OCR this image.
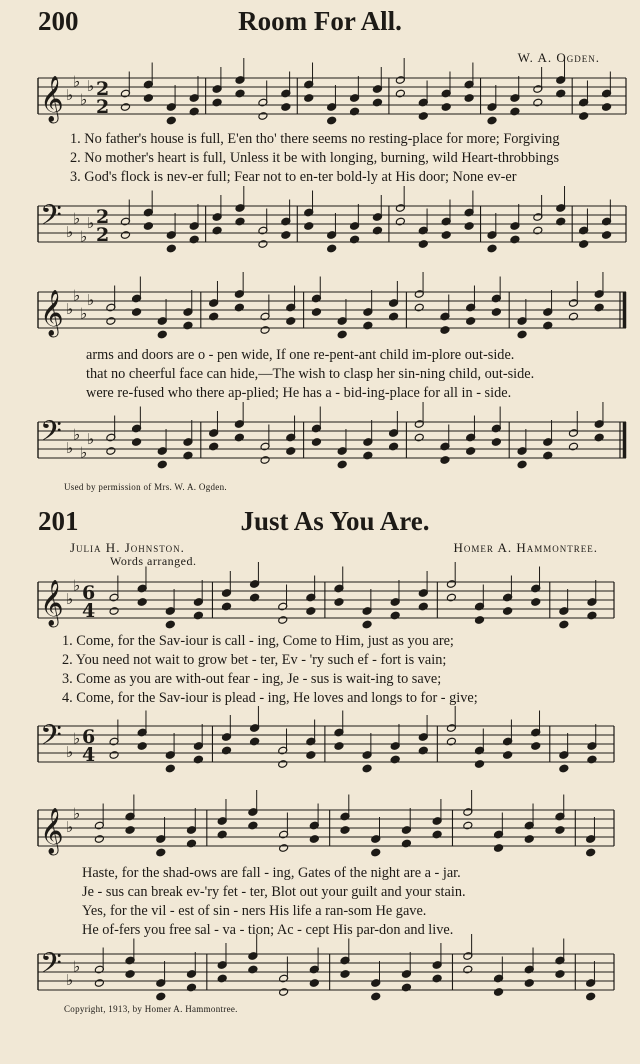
200	Room For All.
W. A. Ogden.
𝄞 ♭
♭
♭
♭ 2
2
1. No father's house is full, E'en tho' there seems no resting-place for more; Forgiving
2. No mother's heart is full, Unless it be with longing, burning, wild Heart-throbbings
3. God's flock is nev-er full; Fear not to en-ter bold-ly at His door; None ev-er
𝄢 ♭
♭
♭
♭ 2
2
𝄞 ♭
♭
♭
♭
arms and doors are o - pen wide, If one re-pent-ant child im-plore out-side.
that no cheerful face can hide,—The wish to clasp her sin-ning child, out-side.
were re-fused who there ap-plied; He has a - bid-ing-place for all in - side.
𝄢 ♭
♭
♭
♭
Used by permission of Mrs. W. A. Ogden.
201	Just As You Are.
Julia H. Johnston.
Words arranged.
Homer A. Hammontree.
𝄞 ♭
♭ 6
4
1. Come, for the Sav-iour is call - ing, Come to Him, just as you are;
2. You need not wait to grow bet - ter, Ev - 'ry such ef - fort is vain;
3. Come as you are with-out fear - ing, Je - sus is wait-ing to save;
4. Come, for the Sav-iour is plead - ing, He loves and longs to for - give;
𝄢 ♭
♭ 6
4
𝄞 ♭
♭
Haste, for the shad-ows are fall - ing, Gates of the night are a - jar.
Je - sus can break ev-'ry fet - ter, Blot out your guilt and your stain.
Yes, for the vil - est of sin - ners His life a ran-som He gave.
He of-fers you free sal - va - tion; Ac - cept His par-don and live.
𝄢 ♭
♭
Copyright, 1913, by Homer A. Hammontree.
